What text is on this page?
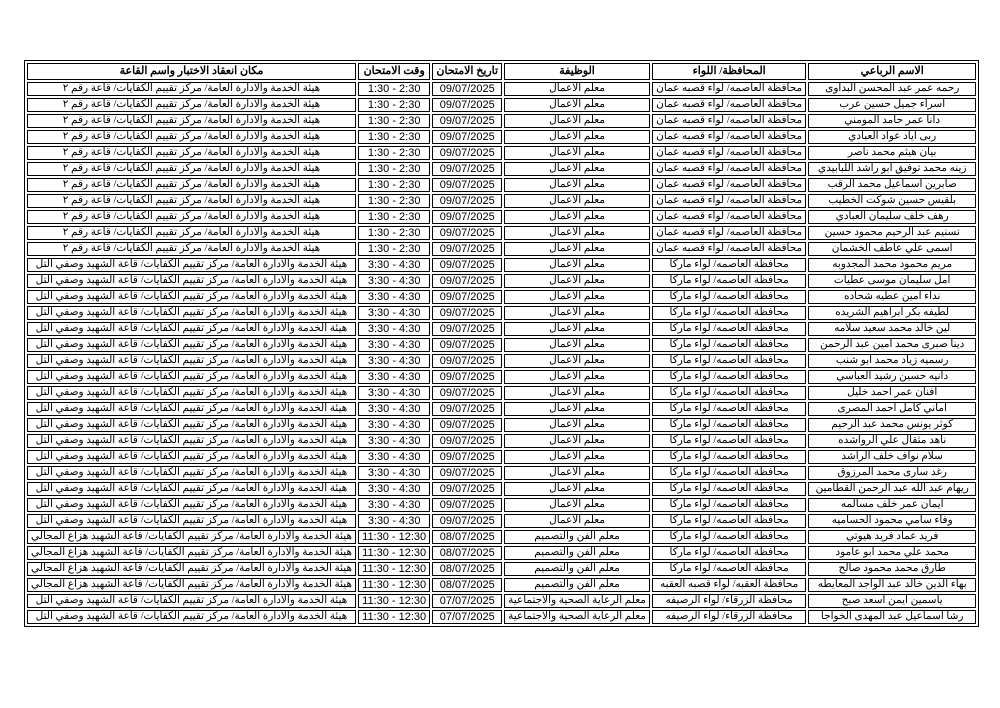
الاسم الرباعي	المحافظة/ اللواء	الوظيفة	تاريخ الامتحان	وقت الامتحان	مكان انعقاد الاختبار واسم القاعة
رحمه عمر عبد المحسن البداوى	محافظة العاصمه/ لواء قصبه عمان	معلم الاعمال	09/07/2025	1:30 - 2:30	هيئة الخدمة والادارة العامة/ مركز تقييم الكفايات/ قاعة رقم ٢
اسراء جميل حسين عرب	محافظة العاصمه/ لواء قصبه عمان	معلم الاعمال	09/07/2025	1:30 - 2:30	هيئة الخدمة والادارة العامة/ مركز تقييم الكفايات/ قاعة رقم ٢
دانا عمر حامد المومني	محافظة العاصمه/ لواء قصبه عمان	معلم الاعمال	09/07/2025	1:30 - 2:30	هيئة الخدمة والادارة العامة/ مركز تقييم الكفايات/ قاعة رقم ٢
ربى اياد عواد العبادي	محافظة العاصمه/ لواء قصبه عمان	معلم الاعمال	09/07/2025	1:30 - 2:30	هيئة الخدمة والادارة العامة/ مركز تقييم الكفايات/ قاعة رقم ٢
بيان هيثم محمد ناصر	محافظة العاصمه/ لواء قصبه عمان	معلم الاعمال	09/07/2025	1:30 - 2:30	هيئة الخدمة والادارة العامة/ مركز تقييم الكفايات/ قاعة رقم ٢
زينه محمد توفيق ابو راشد اللبابيدي	محافظة العاصمه/ لواء قصبه عمان	معلم الاعمال	09/07/2025	1:30 - 2:30	هيئة الخدمة والادارة العامة/ مركز تقييم الكفايات/ قاعة رقم ٢
صابرين اسماعيل محمد الرقب	محافظة العاصمه/ لواء قصبه عمان	معلم الاعمال	09/07/2025	1:30 - 2:30	هيئة الخدمة والادارة العامة/ مركز تقييم الكفايات/ قاعة رقم ٢
بلقيس حسين شوكت الخطيب	محافظة العاصمه/ لواء قصبه عمان	معلم الاعمال	09/07/2025	1:30 - 2:30	هيئة الخدمة والادارة العامة/ مركز تقييم الكفايات/ قاعة رقم ٢
رهف خلف سليمان العبادي	محافظة العاصمه/ لواء قصبه عمان	معلم الاعمال	09/07/2025	1:30 - 2:30	هيئة الخدمة والادارة العامة/ مركز تقييم الكفايات/ قاعة رقم ٢
تسنيم عبد الرحيم محمود حسين	محافظة العاصمه/ لواء قصبه عمان	معلم الاعمال	09/07/2025	1:30 - 2:30	هيئة الخدمة والادارة العامة/ مركز تقييم الكفايات/ قاعة رقم ٢
اسمى علي عاطف الخشمان	محافظة العاصمه/ لواء قصبه عمان	معلم الاعمال	09/07/2025	1:30 - 2:30	هيئة الخدمة والادارة العامة/ مركز تقييم الكفايات/ قاعة رقم ٢
مريم محمود محمد المجدوبه	محافظة العاصمه/ لواء ماركا	معلم الاعمال	09/07/2025	3:30 - 4:30	هيئة الخدمة والادارة العامة/ مركز تقييم الكفايات/ قاعة الشهيد وصفي التل
امل سليمان موسى عطيات	محافظة العاصمه/ لواء ماركا	معلم الاعمال	09/07/2025	3:30 - 4:30	هيئة الخدمة والادارة العامة/ مركز تقييم الكفايات/ قاعة الشهيد وصفي التل
نداء امين عطيه شحاده	محافظة العاصمه/ لواء ماركا	معلم الاعمال	09/07/2025	3:30 - 4:30	هيئة الخدمة والادارة العامة/ مركز تقييم الكفايات/ قاعة الشهيد وصفي التل
لطيفه بكر ابراهيم الشريده	محافظة العاصمه/ لواء ماركا	معلم الاعمال	09/07/2025	3:30 - 4:30	هيئة الخدمة والادارة العامة/ مركز تقييم الكفايات/ قاعة الشهيد وصفي التل
لين خالد محمد سعيد سلامه	محافظة العاصمه/ لواء ماركا	معلم الاعمال	09/07/2025	3:30 - 4:30	هيئة الخدمة والادارة العامة/ مركز تقييم الكفايات/ قاعة الشهيد وصفي التل
دينا صبرى محمد امين عبد الرحمن	محافظة العاصمه/ لواء ماركا	معلم الاعمال	09/07/2025	3:30 - 4:30	هيئة الخدمة والادارة العامة/ مركز تقييم الكفايات/ قاعة الشهيد وصفي التل
رسميه زياد محمد ابو شنب	محافظة العاصمه/ لواء ماركا	معلم الاعمال	09/07/2025	3:30 - 4:30	هيئة الخدمة والادارة العامة/ مركز تقييم الكفايات/ قاعة الشهيد وصفي التل
دانيه حسين رشيد العباسي	محافظة العاصمه/ لواء ماركا	معلم الاعمال	09/07/2025	3:30 - 4:30	هيئة الخدمة والادارة العامة/ مركز تقييم الكفايات/ قاعة الشهيد وصفي التل
افنان عمر احمد خليل	محافظة العاصمه/ لواء ماركا	معلم الاعمال	09/07/2025	3:30 - 4:30	هيئة الخدمة والادارة العامة/ مركز تقييم الكفايات/ قاعة الشهيد وصفي التل
اماني كامل احمد المصرى	محافظة العاصمه/ لواء ماركا	معلم الاعمال	09/07/2025	3:30 - 4:30	هيئة الخدمة والادارة العامة/ مركز تقييم الكفايات/ قاعة الشهيد وصفي التل
كوثر يونس محمد عبد الرحيم	محافظة العاصمه/ لواء ماركا	معلم الاعمال	09/07/2025	3:30 - 4:30	هيئة الخدمة والادارة العامة/ مركز تقييم الكفايات/ قاعة الشهيد وصفي التل
ناهد مثقال علي الرواشده	محافظة العاصمه/ لواء ماركا	معلم الاعمال	09/07/2025	3:30 - 4:30	هيئة الخدمة والادارة العامة/ مركز تقييم الكفايات/ قاعة الشهيد وصفي التل
سلام نواف خلف الراشد	محافظة العاصمه/ لواء ماركا	معلم الاعمال	09/07/2025	3:30 - 4:30	هيئة الخدمة والادارة العامة/ مركز تقييم الكفايات/ قاعة الشهيد وصفي التل
رغد سارى محمد المرزوق	محافظة العاصمه/ لواء ماركا	معلم الاعمال	09/07/2025	3:30 - 4:30	هيئة الخدمة والادارة العامة/ مركز تقييم الكفايات/ قاعة الشهيد وصفي التل
ريهام عبد الله عبد الرحمن القطامين	محافظة العاصمه/ لواء ماركا	معلم الاعمال	09/07/2025	3:30 - 4:30	هيئة الخدمة والادارة العامة/ مركز تقييم الكفايات/ قاعة الشهيد وصفي التل
ايمان عمر خلف مسالمه	محافظة العاصمه/ لواء ماركا	معلم الاعمال	09/07/2025	3:30 - 4:30	هيئة الخدمة والادارة العامة/ مركز تقييم الكفايات/ قاعة الشهيد وصفي التل
وفاء سامي محمود الحساميه	محافظة العاصمه/ لواء ماركا	معلم الاعمال	09/07/2025	3:30 - 4:30	هيئة الخدمة والادارة العامة/ مركز تقييم الكفايات/ قاعة الشهيد وصفي التل
فريد عماد فريد هيوتي	محافظة العاصمه/ لواء ماركا	معلم الفن والتصميم	08/07/2025	11:30 - 12:30	هيئة الخدمة والادارة العامة/ مركز تقييم الكفايات/ قاعة الشهيد هزاع المجالي
محمد علي محمد ابو عامود	محافظة العاصمه/ لواء ماركا	معلم الفن والتصميم	08/07/2025	11:30 - 12:30	هيئة الخدمة والادارة العامة/ مركز تقييم الكفايات/ قاعة الشهيد هزاع المجالي
طارق محمد محمود صالح	محافظة العاصمه/ لواء ماركا	معلم الفن والتصميم	08/07/2025	11:30 - 12:30	هيئة الخدمة والادارة العامة/ مركز تقييم الكفايات/ قاعة الشهيد هزاع المجالي
بهاء الدين خالد عبد الواجد المعايطه	محافظة العقبه/ لواء قصبه العقبه	معلم الفن والتصميم	08/07/2025	11:30 - 12:30	هيئة الخدمة والادارة العامة/ مركز تقييم الكفايات/ قاعة الشهيد هزاع المجالي
ياسمين ايمن اسعد صبح	محافظة الزرقاء/ لواء الرصيفه	معلم الرعاية الصحية والاجتماعية	07/07/2025	11:30 - 12:30	هيئة الخدمة والادارة العامة/ مركز تقييم الكفايات/ قاعة الشهيد وصفي التل
رشا اسماعيل عبد المهدى الخواجا	محافظة الزرقاء/ لواء الرصيفه	معلم الرعاية الصحية والاجتماعية	07/07/2025	11:30 - 12:30	هيئة الخدمة والادارة العامة/ مركز تقييم الكفايات/ قاعة الشهيد وصفي التل
